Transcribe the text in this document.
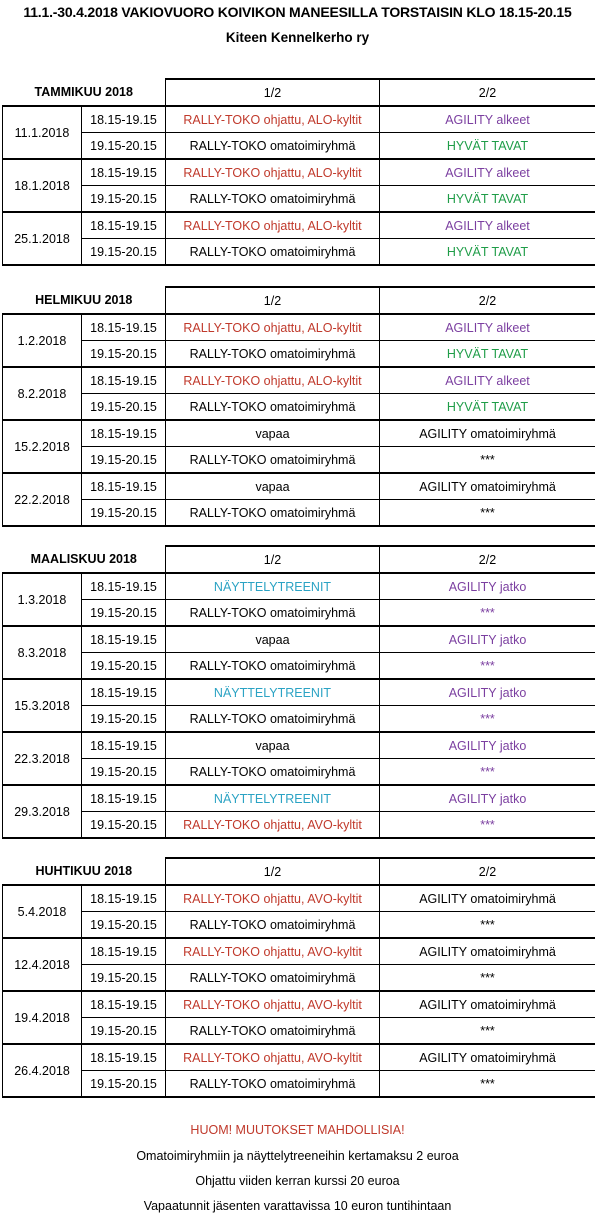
11.1.-30.4.2018 VAKIOVUORO KOIVIKON MANEESILLA TORSTAISIN KLO 18.15-20.15
Kiteen Kennelkerho ry
TAMMIKUU 2018		1/2	2/2
11.1.2018	18.15-19.15	RALLY-TOKO ohjattu, ALO-kyltit	AGILITY alkeet
	19.15-20.15	RALLY-TOKO omatoimiryhmä	HYVÄT TAVAT
18.1.2018	18.15-19.15	RALLY-TOKO ohjattu, ALO-kyltit	AGILITY alkeet
	19.15-20.15	RALLY-TOKO omatoimiryhmä	HYVÄT TAVAT
25.1.2018	18.15-19.15	RALLY-TOKO ohjattu, ALO-kyltit	AGILITY alkeet
	19.15-20.15	RALLY-TOKO omatoimiryhmä	HYVÄT TAVAT
HELMIKUU 2018		1/2	2/2
1.2.2018	18.15-19.15	RALLY-TOKO ohjattu, ALO-kyltit	AGILITY alkeet
	19.15-20.15	RALLY-TOKO omatoimiryhmä	HYVÄT TAVAT
8.2.2018	18.15-19.15	RALLY-TOKO ohjattu, ALO-kyltit	AGILITY alkeet
	19.15-20.15	RALLY-TOKO omatoimiryhmä	HYVÄT TAVAT
15.2.2018	18.15-19.15	vapaa	AGILITY omatoimiryhmä
	19.15-20.15	RALLY-TOKO omatoimiryhmä	***
22.2.2018	18.15-19.15	vapaa	AGILITY omatoimiryhmä
	19.15-20.15	RALLY-TOKO omatoimiryhmä	***
MAALISKUU 2018		1/2	2/2
1.3.2018	18.15-19.15	NÄYTTELYTREENIT	AGILITY jatko
	19.15-20.15	RALLY-TOKO omatoimiryhmä	***
8.3.2018	18.15-19.15	vapaa	AGILITY jatko
	19.15-20.15	RALLY-TOKO omatoimiryhmä	***
15.3.2018	18.15-19.15	NÄYTTELYTREENIT	AGILITY jatko
	19.15-20.15	RALLY-TOKO omatoimiryhmä	***
22.3.2018	18.15-19.15	vapaa	AGILITY jatko
	19.15-20.15	RALLY-TOKO omatoimiryhmä	***
29.3.2018	18.15-19.15	NÄYTTELYTREENIT	AGILITY jatko
	19.15-20.15	RALLY-TOKO ohjattu, AVO-kyltit	***
HUHTIKUU 2018		1/2	2/2
5.4.2018	18.15-19.15	RALLY-TOKO ohjattu, AVO-kyltit	AGILITY omatoimiryhmä
	19.15-20.15	RALLY-TOKO omatoimiryhmä	***
12.4.2018	18.15-19.15	RALLY-TOKO ohjattu, AVO-kyltit	AGILITY omatoimiryhmä
	19.15-20.15	RALLY-TOKO omatoimiryhmä	***
19.4.2018	18.15-19.15	RALLY-TOKO ohjattu, AVO-kyltit	AGILITY omatoimiryhmä
	19.15-20.15	RALLY-TOKO omatoimiryhmä	***
26.4.2018	18.15-19.15	RALLY-TOKO ohjattu, AVO-kyltit	AGILITY omatoimiryhmä
	19.15-20.15	RALLY-TOKO omatoimiryhmä	***
HUOM! MUUTOKSET MAHDOLLISIA!
Omatoimiryhmiin ja näyttelytreeneihin kertamaksu 2 euroa
Ohjattu viiden kerran kurssi 20 euroa
Vapaatunnit jäsenten varattavissa 10 euron tuntihintaan
